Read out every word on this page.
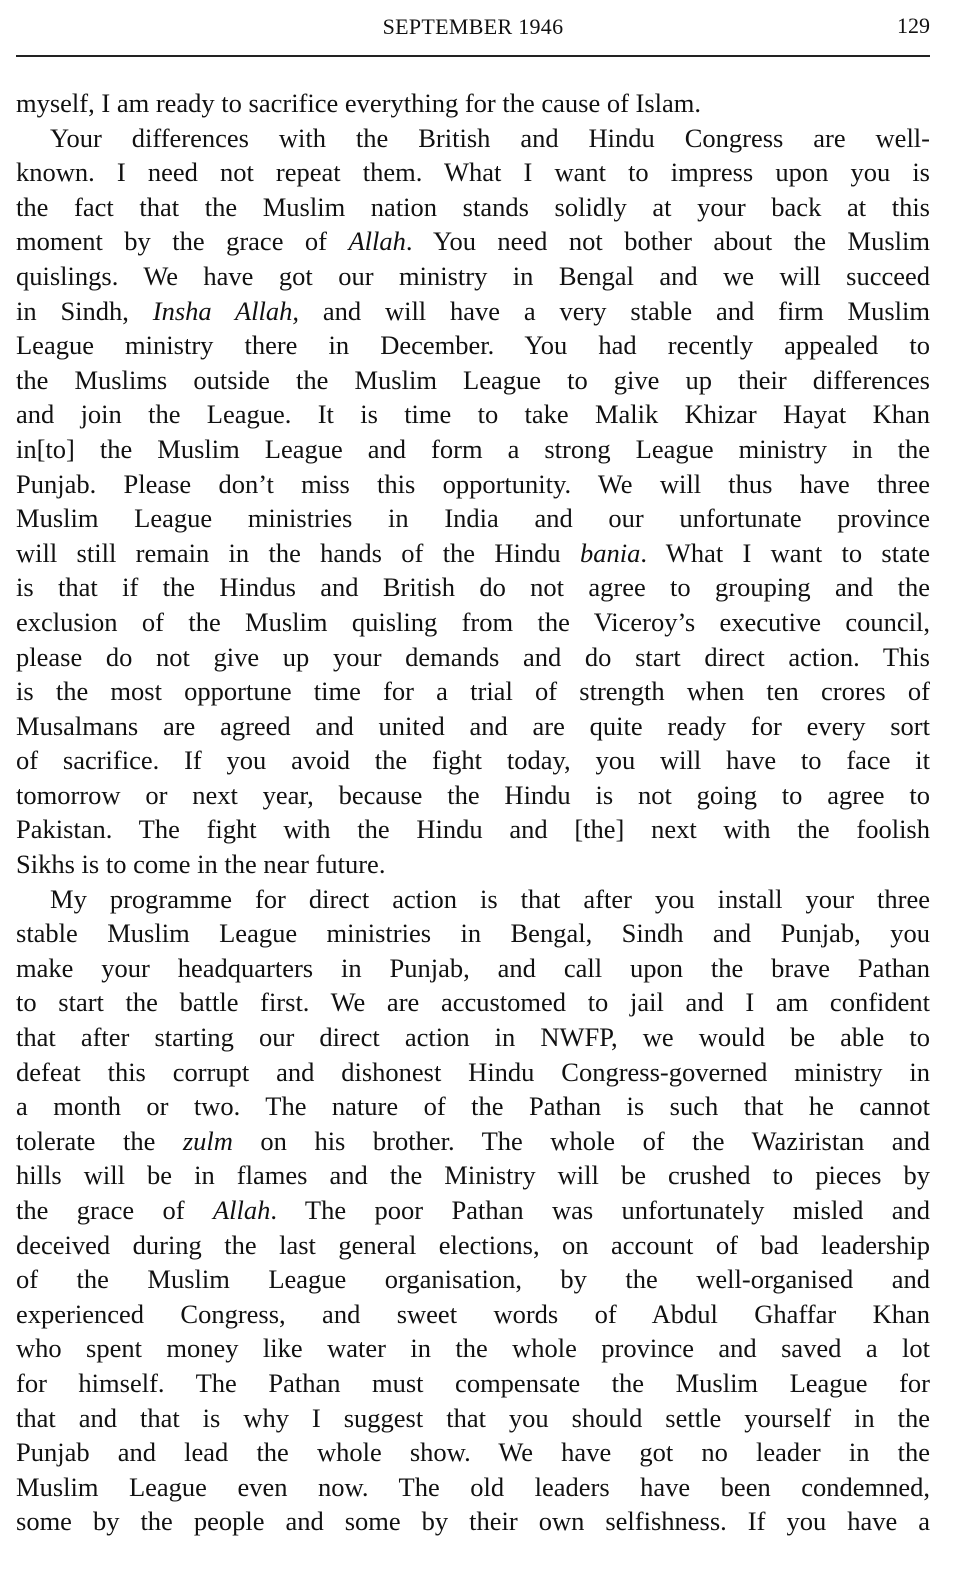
SEPTEMBER 1946	129
myself, I am ready to sacrifice everything for the cause of Islam.
Your differences with the British and Hindu Congress are well-
known. I need not repeat them. What I want to impress upon you is
the fact that the Muslim nation stands solidly at your back at this
moment by the grace of Allah. You need not bother about the Muslim
quislings. We have got our ministry in Bengal and we will succeed
in Sindh, Insha Allah, and will have a very stable and firm Muslim
League ministry there in December. You had recently appealed to
the Muslims outside the Muslim League to give up their differences
and join the League. It is time to take Malik Khizar Hayat Khan
in[to] the Muslim League and form a strong League ministry in the
Punjab. Please don’t miss this opportunity. We will thus have three
Muslim League ministries in India and our unfortunate province
will still remain in the hands of the Hindu bania. What I want to state
is that if the Hindus and British do not agree to grouping and the
exclusion of the Muslim quisling from the Viceroy’s executive council,
please do not give up your demands and do start direct action. This
is the most opportune time for a trial of strength when ten crores of
Musalmans are agreed and united and are quite ready for every sort
of sacrifice. If you avoid the fight today, you will have to face it
tomorrow or next year, because the Hindu is not going to agree to
Pakistan. The fight with the Hindu and [the] next with the foolish
Sikhs is to come in the near future.
My programme for direct action is that after you install your three
stable Muslim League ministries in Bengal, Sindh and Punjab, you
make your headquarters in Punjab, and call upon the brave Pathan
to start the battle first. We are accustomed to jail and I am confident
that after starting our direct action in NWFP, we would be able to
defeat this corrupt and dishonest Hindu Congress-governed ministry in
a month or two. The nature of the Pathan is such that he cannot
tolerate the zulm on his brother. The whole of the Waziristan and
hills will be in flames and the Ministry will be crushed to pieces by
the grace of Allah. The poor Pathan was unfortunately misled and
deceived during the last general elections, on account of bad leadership
of the Muslim League organisation, by the well-organised and
experienced Congress, and sweet words of Abdul Ghaffar Khan
who spent money like water in the whole province and saved a lot
for himself. The Pathan must compensate the Muslim League for
that and that is why I suggest that you should settle yourself in the
Punjab and lead the whole show. We have got no leader in the
Muslim League even now. The old leaders have been condemned,
some by the people and some by their own selfishness. If you have a
